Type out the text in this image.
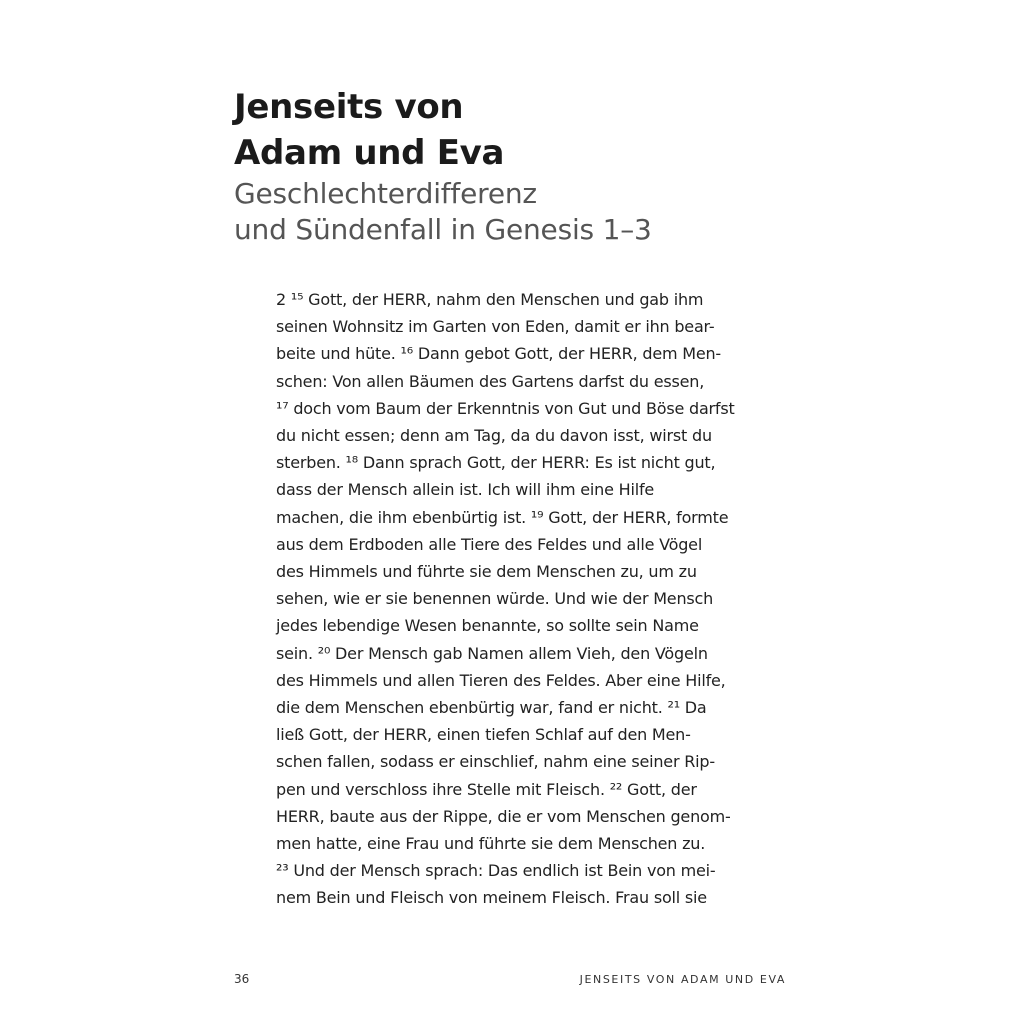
Jenseits von
Adam und Eva
Geschlechterdifferenz
und Sündenfall in Genesis 1–3
2 ¹⁵ Gott, der HERR, nahm den Menschen und gab ihm
seinen Wohnsitz im Garten von Eden, damit er ihn bear-
beite und hüte. ¹⁶ Dann gebot Gott, der HERR, dem Men-
schen: Von allen Bäumen des Gartens darfst du essen,
¹⁷ doch vom Baum der Erkenntnis von Gut und Böse darfst
du nicht essen; denn am Tag, da du davon isst, wirst du
sterben. ¹⁸ Dann sprach Gott, der HERR: Es ist nicht gut,
dass der Mensch allein ist. Ich will ihm eine Hilfe
machen, die ihm ebenbürtig ist. ¹⁹ Gott, der HERR, formte
aus dem Erdboden alle Tiere des Feldes und alle Vögel
des Himmels und führte sie dem Menschen zu, um zu
sehen, wie er sie benennen würde. Und wie der Mensch
jedes lebendige Wesen benannte, so sollte sein Name
sein. ²⁰ Der Mensch gab Namen allem Vieh, den Vögeln
des Himmels und allen Tieren des Feldes. Aber eine Hilfe,
die dem Menschen ebenbürtig war, fand er nicht. ²¹ Da
ließ Gott, der HERR, einen tiefen Schlaf auf den Men-
schen fallen, sodass er einschlief, nahm eine seiner Rip-
pen und verschloss ihre Stelle mit Fleisch. ²² Gott, der
HERR, baute aus der Rippe, die er vom Menschen genom-
men hatte, eine Frau und führte sie dem Menschen zu.
²³ Und der Mensch sprach: Das endlich ist Bein von mei-
nem Bein und Fleisch von meinem Fleisch. Frau soll sie
36	JENSEITS VON ADAM UND EVA
